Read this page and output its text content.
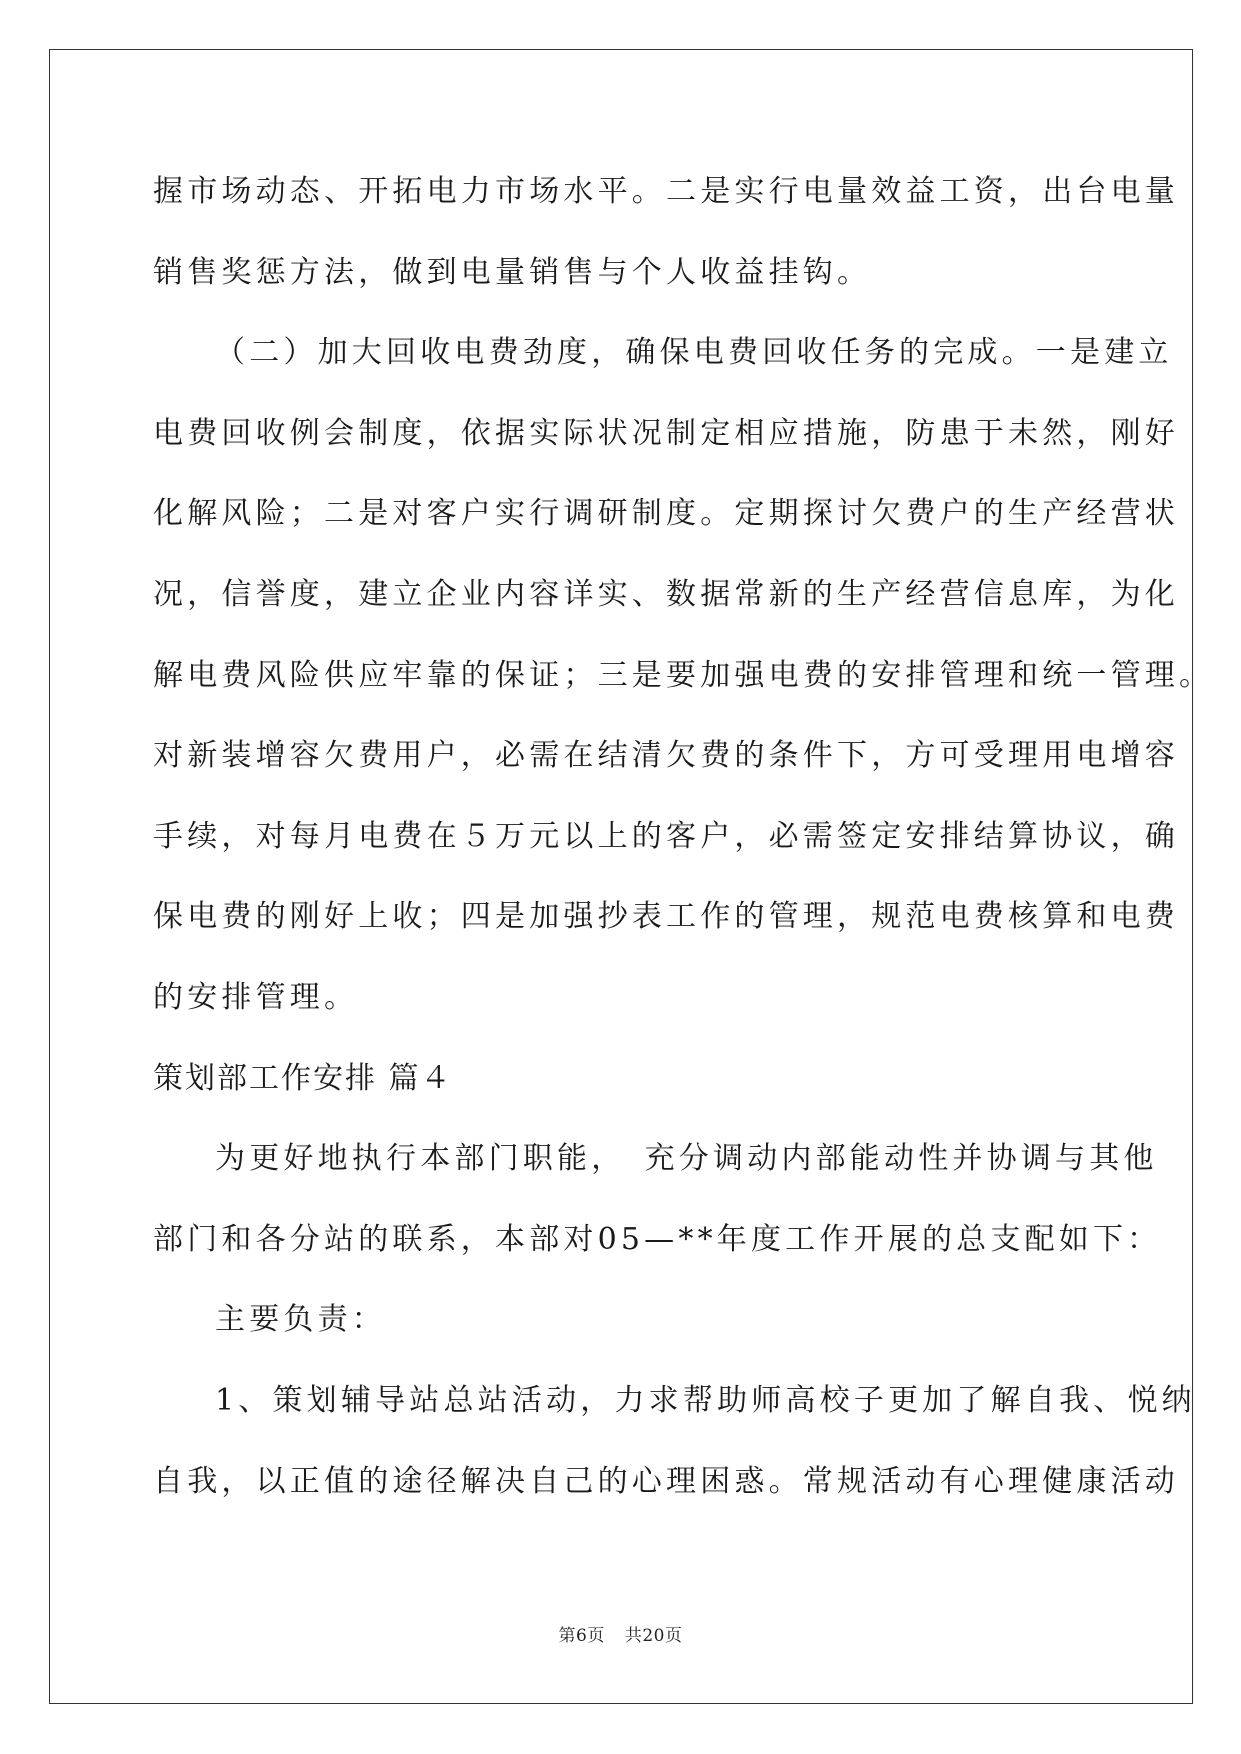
握市场动态、开拓电力市场水平。二是实行电量效益工资，出台电量
销售奖惩方法，做到电量销售与个人收益挂钩。
（二）加大回收电费劲度，确保电费回收任务的完成。一是建立
电费回收例会制度，依据实际状况制定相应措施，防患于未然，刚好
化解风险；二是对客户实行调研制度。定期探讨欠费户的生产经营状
况，信誉度，建立企业内容详实、数据常新的生产经营信息库，为化
解电费风险供应牢靠的保证；三是要加强电费的安排管理和统一管理。
对新装增容欠费用户，必需在结清欠费的条件下，方可受理用电增容
手续，对每月电费在５万元以上的客户，必需签定安排结算协议，确
保电费的刚好上收；四是加强抄表工作的管理，规范电费核算和电费
的安排管理。
策划部工作安排 篇４
为更好地执行本部门职能，　充分调动内部能动性并协调与其他
部门和各分站的联系，本部对05—**年度工作开展的总支配如下：
主要负责：
1、策划辅导站总站活动，力求帮助师高校子更加了解自我、悦纳
自我，以正值的途径解决自己的心理困惑。常规活动有心理健康活动
第6页 共20页
